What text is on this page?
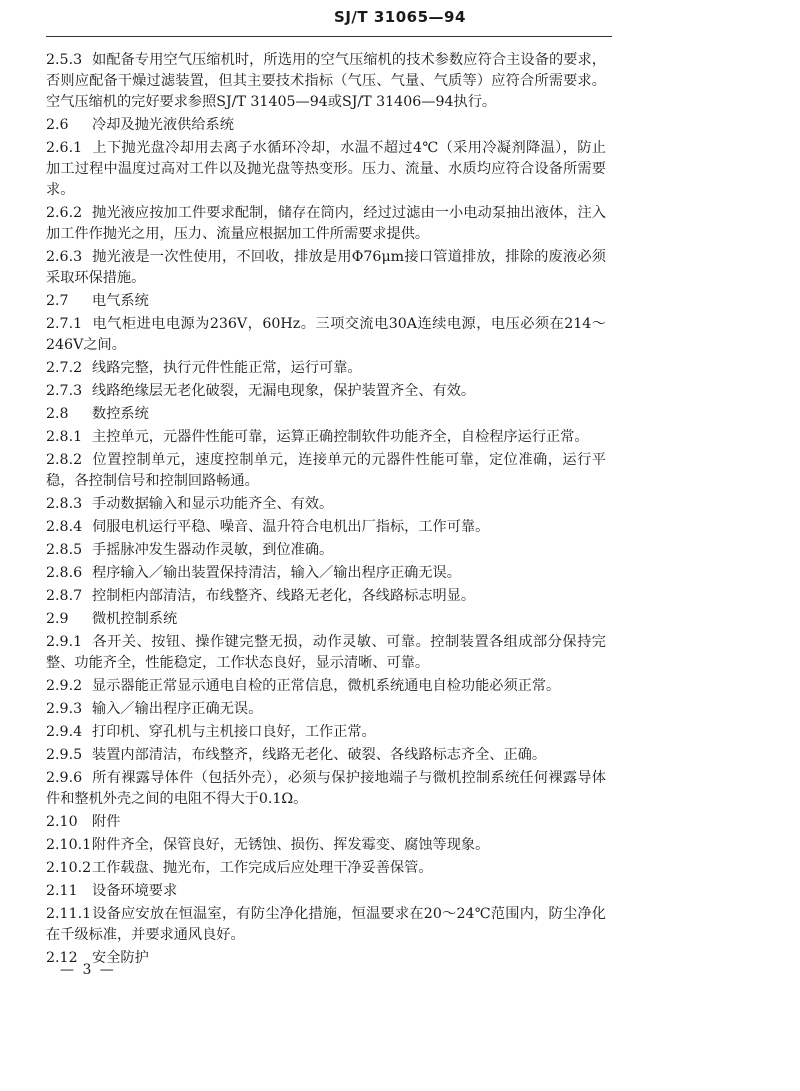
SJ/T 31065—94
2.5.3 如配备专用空气压缩机时，所选用的空气压缩机的技术参数应符合主设备的要求，否则应配备干燥过滤装置，但其主要技术指标（气压、气量、气质等）应符合所需要求。空气压缩机的完好要求参照SJ/T 31405—94或SJ/T 31406—94执行。
2.6 冷却及抛光液供给系统
2.6.1 上下抛光盘冷却用去离子水循环冷却，水温不超过4℃（采用冷凝剂降温），防止加工过程中温度过高对工件以及抛光盘等热变形。压力、流量、水质均应符合设备所需要求。
2.6.2 抛光液应按加工件要求配制，储存在筒内，经过过滤由一小电动泵抽出液体，注入加工件作抛光之用，压力、流量应根据加工件所需要求提供。
2.6.3 抛光液是一次性使用，不回收，排放是用Φ76μm接口管道排放，排除的废液必须采取环保措施。
2.7 电气系统
2.7.1 电气柜进电电源为236V，60Hz。三项交流电30A连续电源，电压必须在214～246V之间。
2.7.2 线路完整，执行元件性能正常，运行可靠。
2.7.3 线路绝缘层无老化破裂，无漏电现象，保护装置齐全、有效。
2.8 数控系统
2.8.1 主控单元，元器件性能可靠，运算正确控制软件功能齐全，自检程序运行正常。
2.8.2 位置控制单元，速度控制单元，连接单元的元器件性能可靠，定位准确，运行平稳，各控制信号和控制回路畅通。
2.8.3 手动数据输入和显示功能齐全、有效。
2.8.4 伺服电机运行平稳、噪音、温升符合电机出厂指标，工作可靠。
2.8.5 手摇脉冲发生器动作灵敏，到位准确。
2.8.6 程序输入／输出装置保持清洁，输入／输出程序正确无误。
2.8.7 控制柜内部清洁，布线整齐、线路无老化，各线路标志明显。
2.9 微机控制系统
2.9.1 各开关、按钮、操作键完整无损，动作灵敏、可靠。控制装置各组成部分保持完整、功能齐全，性能稳定，工作状态良好，显示清晰、可靠。
2.9.2 显示器能正常显示通电自检的正常信息，微机系统通电自检功能必须正常。
2.9.3 输入／输出程序正确无误。
2.9.4 打印机、穿孔机与主机接口良好，工作正常。
2.9.5 装置内部清洁，布线整齐，线路无老化、破裂、各线路标志齐全、正确。
2.9.6 所有裸露导体件（包括外壳），必须与保护接地端子与微机控制系统任何裸露导体件和整机外壳之间的电阻不得大于0.1Ω。
2.10 附件
2.10.1附件齐全，保管良好，无锈蚀、损伤、挥发霉变、腐蚀等现象。
2.10.2工作载盘、抛光布，工作完成后应处理干净妥善保管。
2.11 设备环境要求
2.11.1设备应安放在恒温室，有防尘净化措施，恒温要求在20～24℃范围内，防尘净化在千级标准，并要求通风良好。
2.12 安全防护
— 3 —
